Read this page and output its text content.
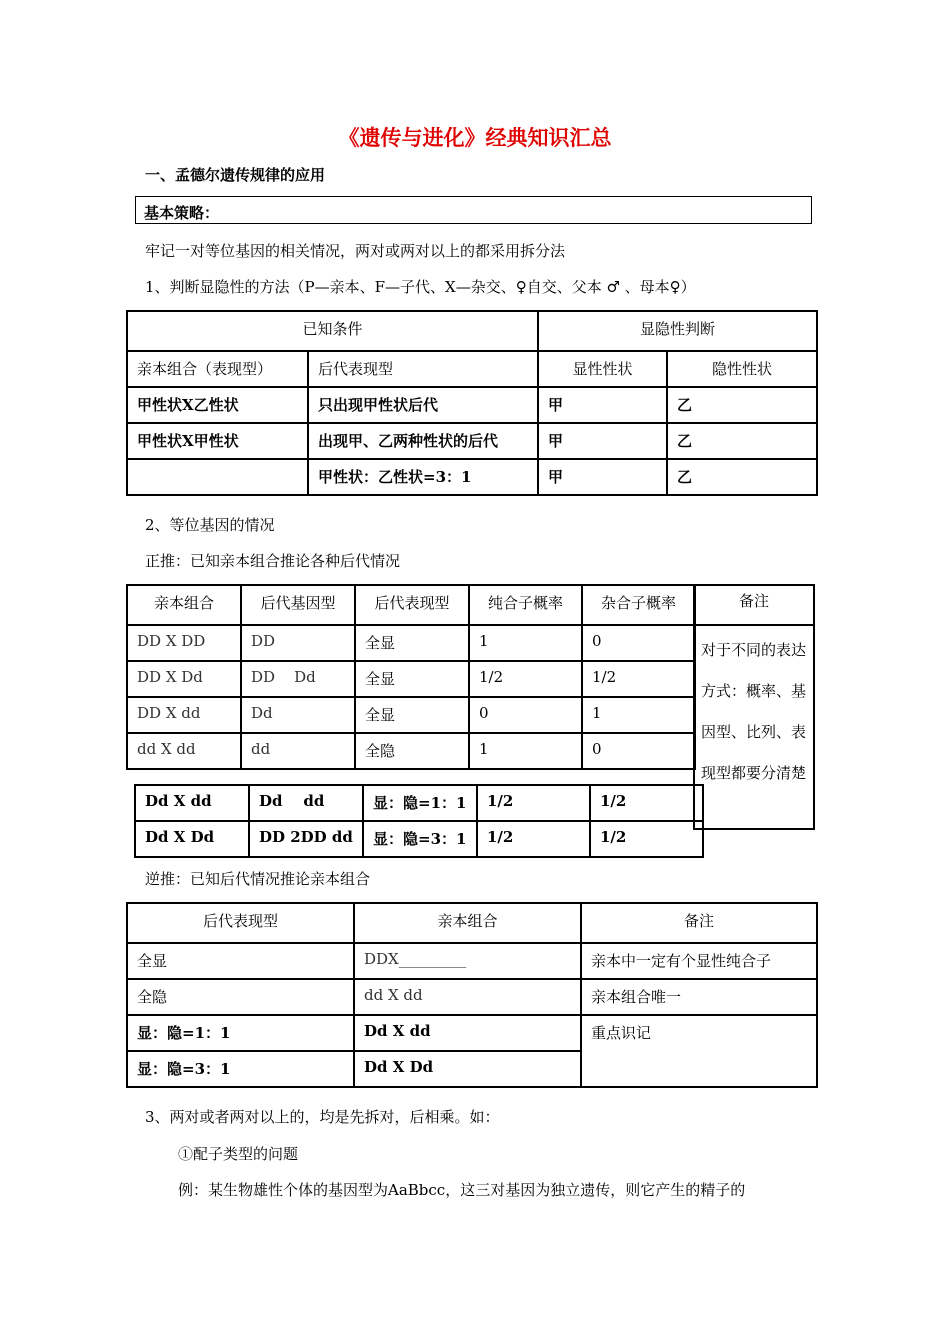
《遗传与进化》经典知识汇总
一、孟德尔遗传规律的应用
基本策略：
牢记一对等位基因的相关情况，两对或两对以上的都采用拆分法
1、判断显隐性的方法（P—亲本、F—子代、X—杂交、♀自交、父本 ♂ 、母本♀）
已知条件		显隐性判断	
亲本组合（表现型）	后代表现型	显性性状	隐性性状
甲性状Ⅹ乙性状	只出现甲性状后代	甲	乙
甲性状Ⅹ甲性状	出现甲、乙两种性状的后代	甲	乙
	甲性状：乙性状=3：1	甲	乙
2、等位基因的情况
正推：已知亲本组合推论各种后代情况
亲本组合	后代基因型	后代表现型	纯合子概率	杂合子概率
DD X DD	DD	全显	1	0
DD X Dd	DD    Dd	全显	1/2	1/2
DD X dd	Dd	全显	0	1
dd X dd	dd	全隐	1	0
Dd X dd	Dd    dd	显：隐=1：1	1/2	1/2
Dd X Dd	DD 2DD dd	显：隐=3：1	1/2	1/2
备注
对于不同的表达方式：概率、基因型、比列、表现型都要分清楚
逆推：已知后代情况推论亲本组合
后代表现型	亲本组合	备注
全显	DDX_________	亲本中一定有个显性纯合子
全隐	dd X dd	亲本组合唯一
显：隐=1：1	Dd X dd	重点识记
显：隐=3：1	Dd X Dd	
3、两对或者两对以上的，均是先拆对，后相乘。如：
①配子类型的问题
例：某生物雄性个体的基因型为AaBbcc，这三对基因为独立遗传，则它产生的精子的
